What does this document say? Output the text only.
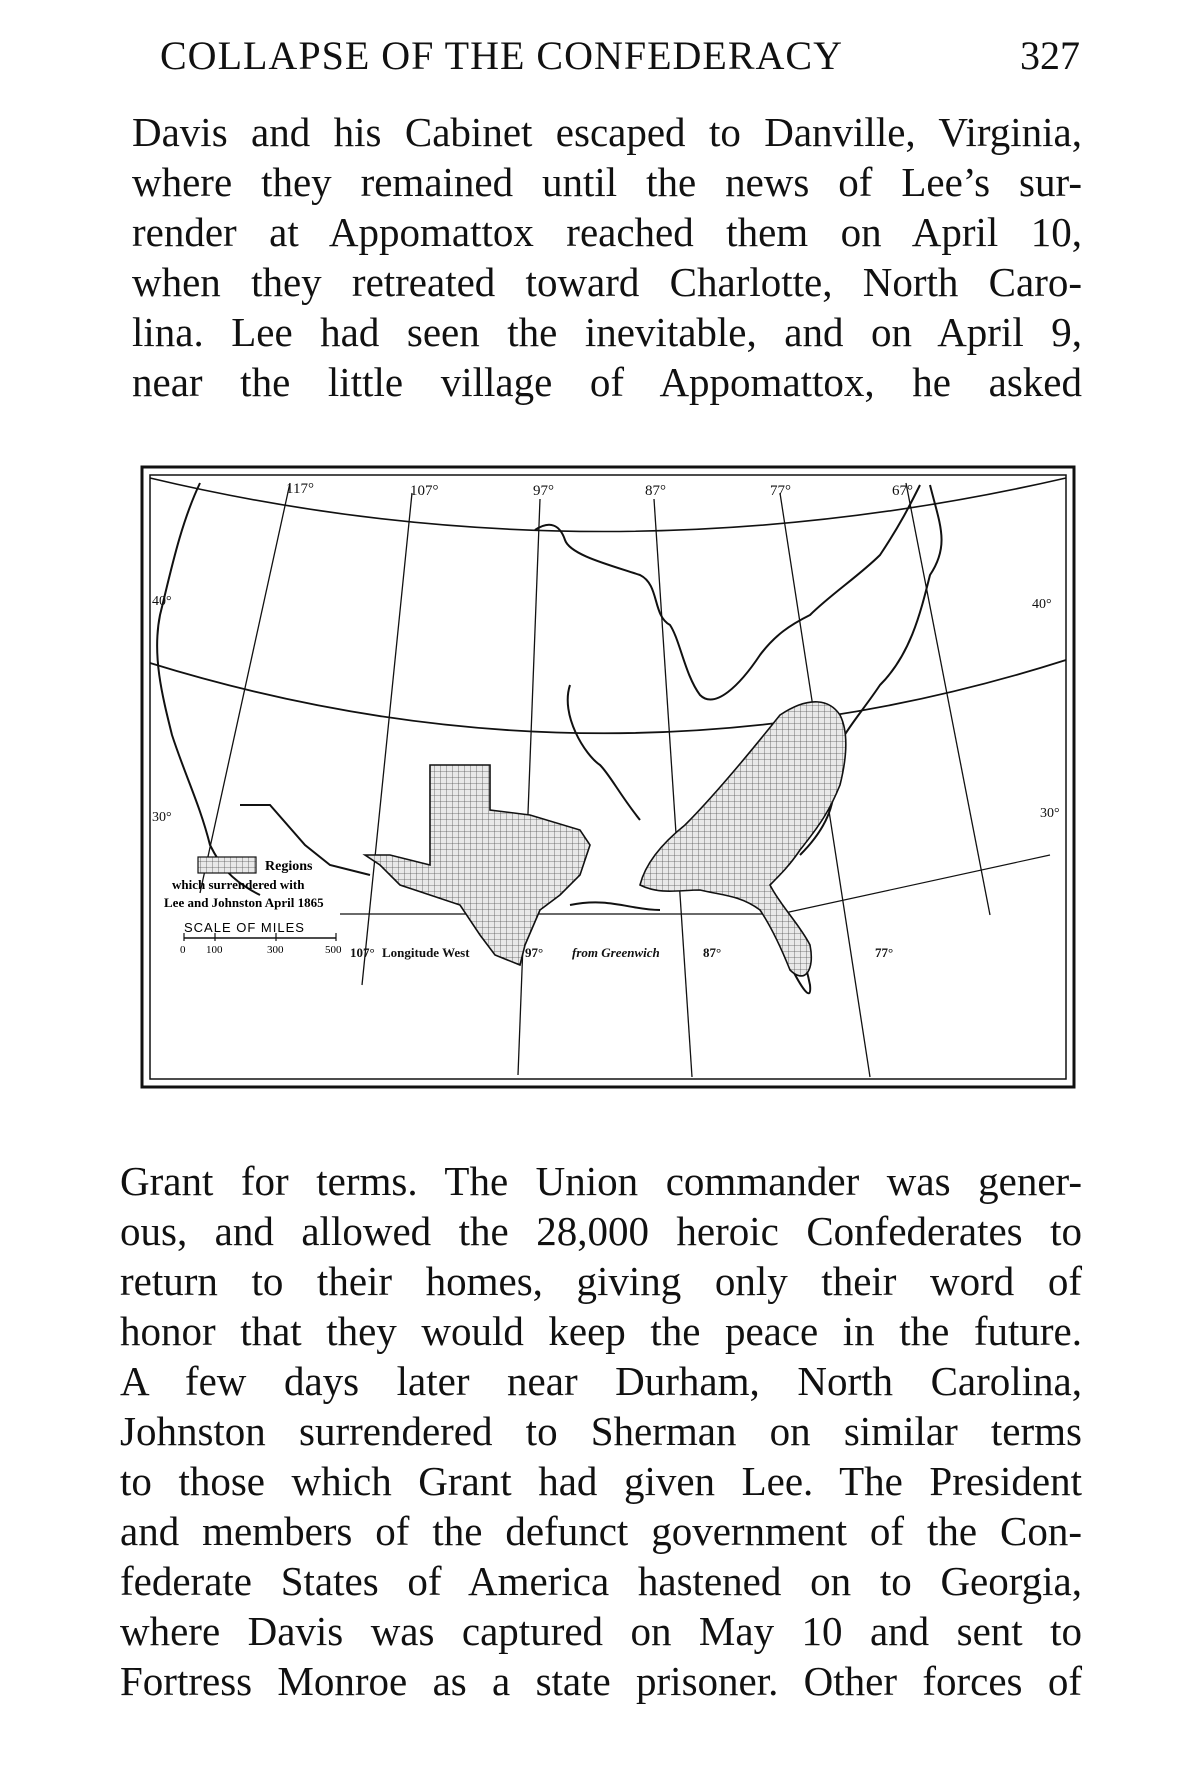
COLLAPSE OF THE CONFEDERACY	327
Davis and his Cabinet escaped to Danville, Virginia,
where they remained until the news of Lee’s sur-
render at Appomattox reached them on April 10,
when they retreated toward Charlotte, North Caro-
lina. Lee had seen the inevitable, and on April 9,
near the little village of Appomattox, he asked
117°	107°	97°	87°	77°	67°
40°
30°
40°
30°
Regions
which surrendered with
Lee and Johnston April 1865
SCALE OF MILES
0 100	300	500 107° Longitude West	97° from Greenwich	87°	77°
Grant for terms. The Union commander was gener-
ous, and allowed the 28,000 heroic Confederates to
return to their homes, giving only their word of
honor that they would keep the peace in the future.
A few days later near Durham, North Carolina,
Johnston surrendered to Sherman on similar terms
to those which Grant had given Lee. The President
and members of the defunct government of the Con-
federate States of America hastened on to Georgia,
where Davis was captured on May 10 and sent to
Fortress Monroe as a state prisoner. Other forces of
